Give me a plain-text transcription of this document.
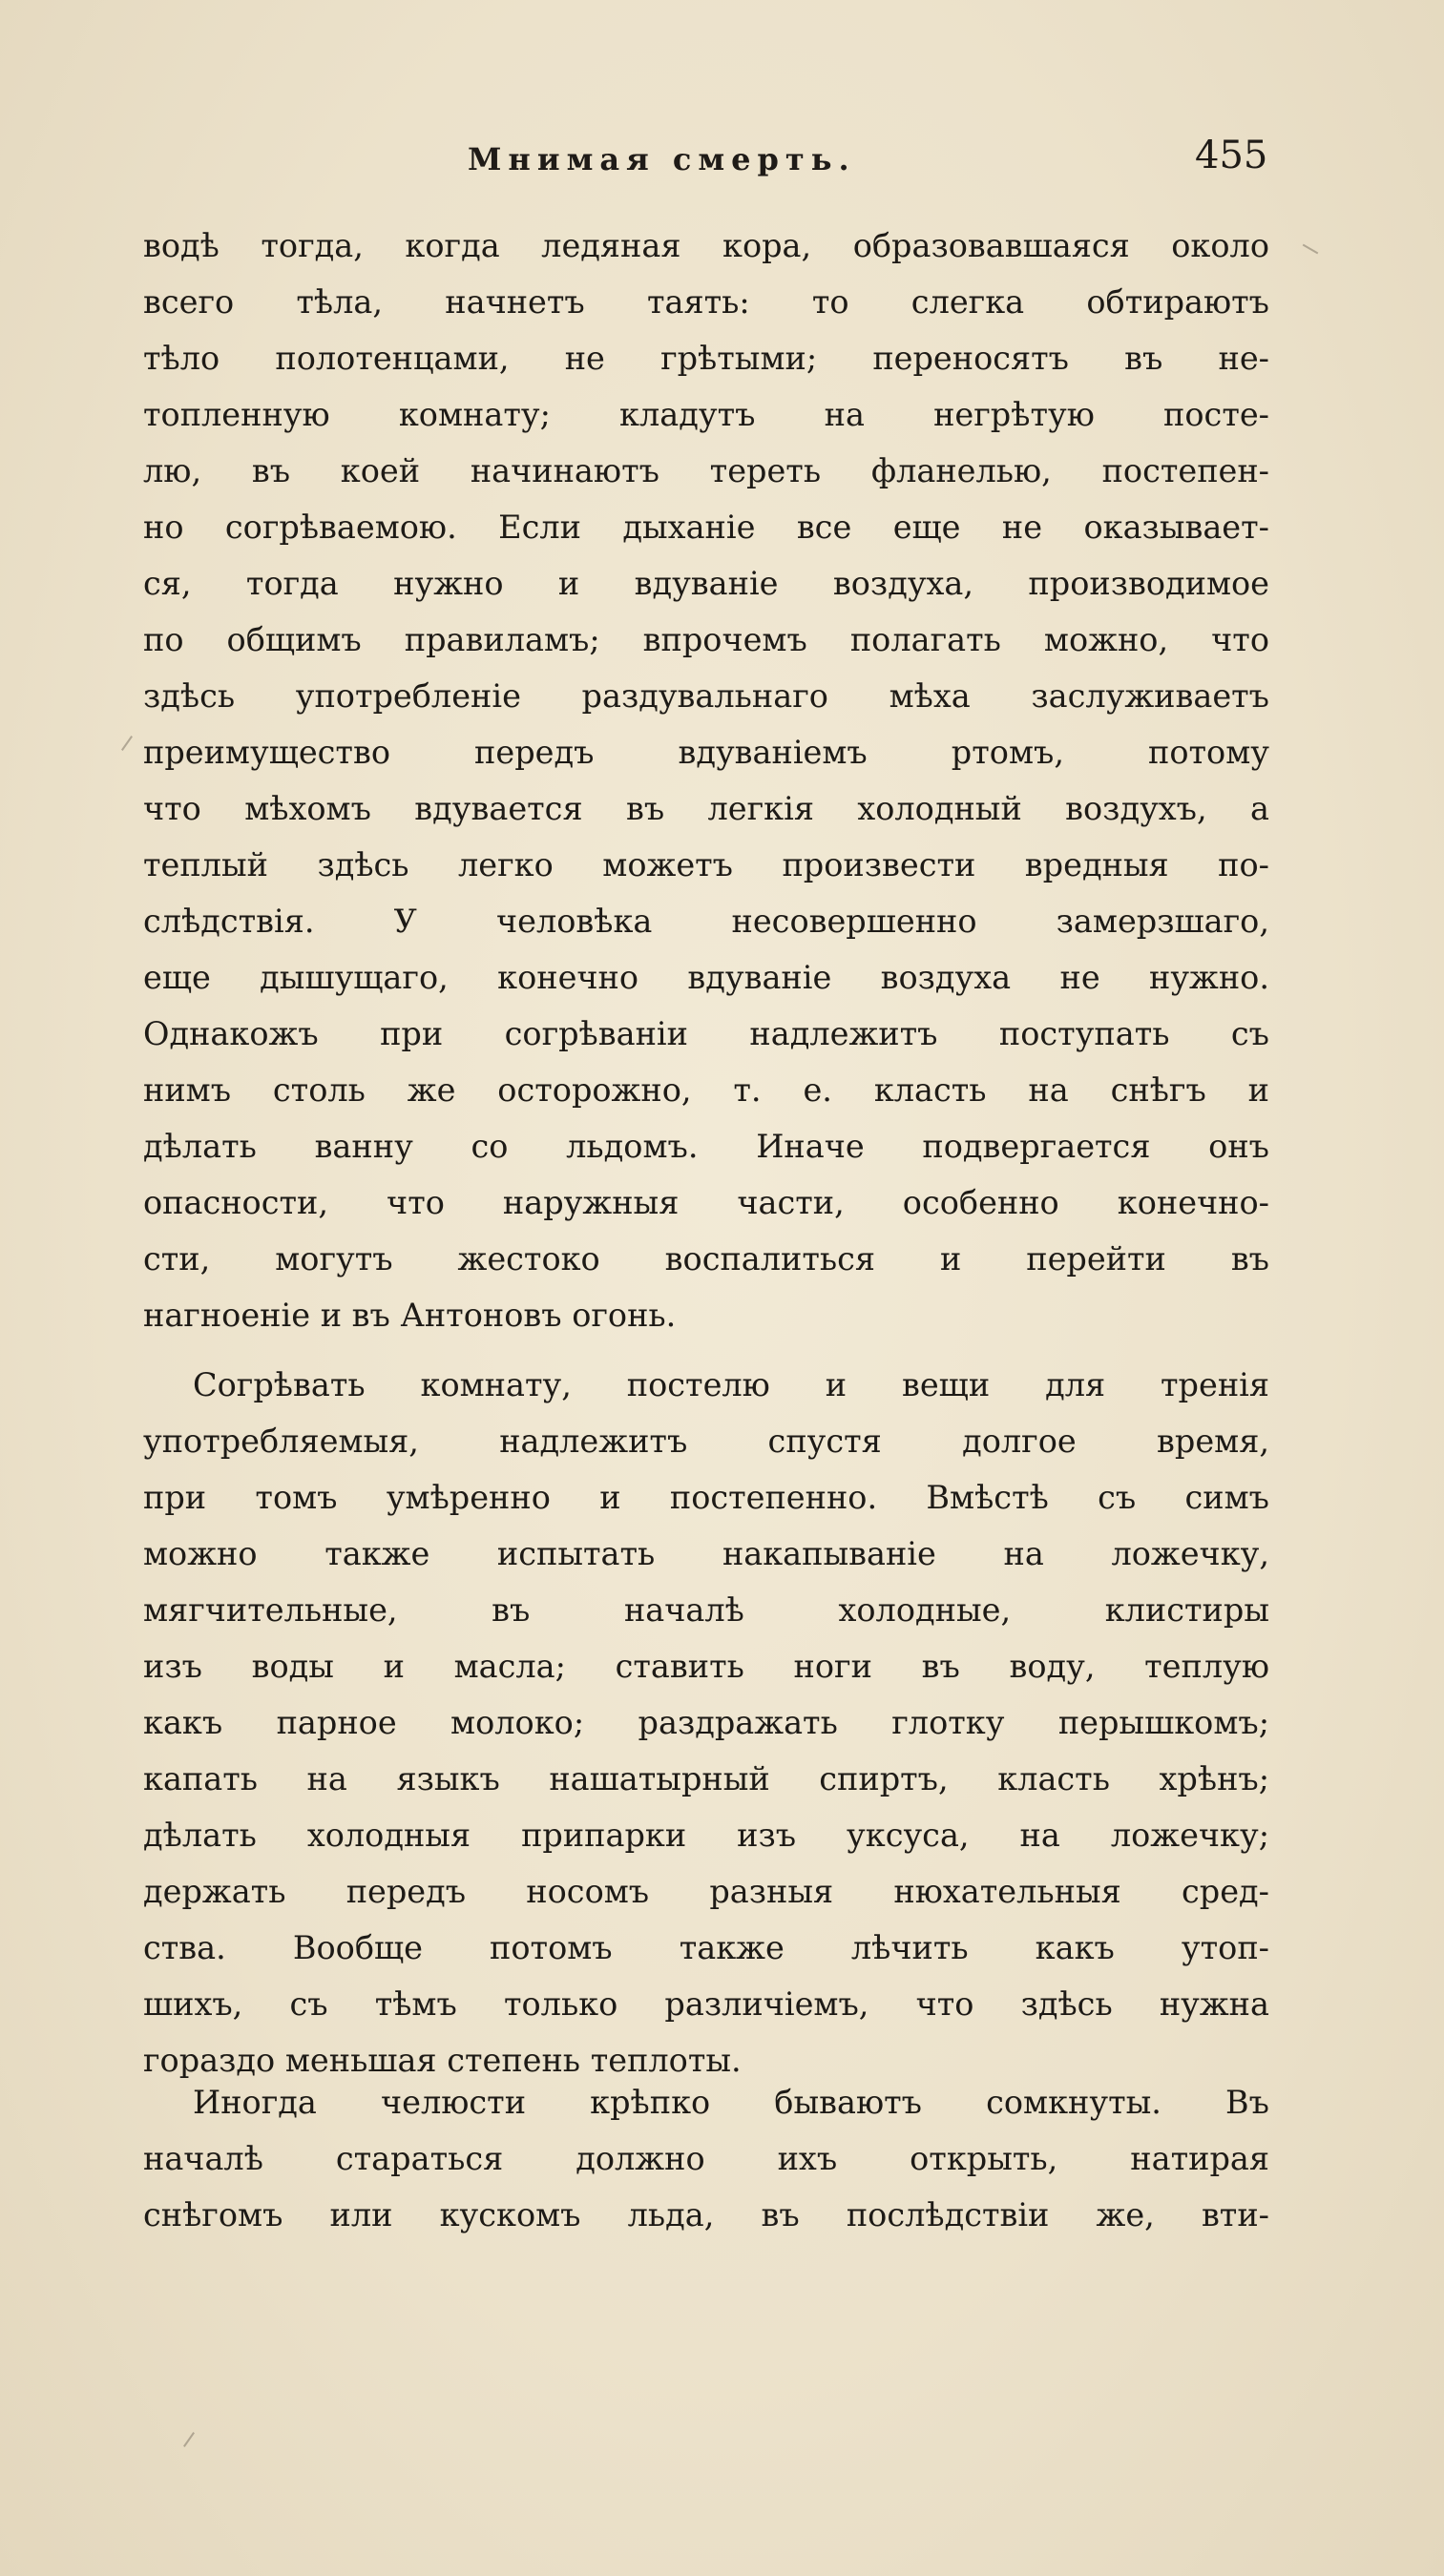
Мнимая смерть.	455
водѣ тогда, когда ледяная кора, образовавшаяся около
всего тѣла, начнетъ таять: то слегка обтираютъ
тѣло полотенцами, не грѣтыми; переносятъ въ не-
топленную комнату; кладутъ на негрѣтую посте-
лю, въ коей начинаютъ тереть фланелью, постепен-
но согрѣваемою. Если дыханіе все еще не оказывает-
ся, тогда нужно и вдуваніе воздуха, производимое
по общимъ правиламъ; впрочемъ полагать можно, что
здѣсь употребленіе раздувальнаго мѣха заслуживаетъ
преимущество передъ вдуваніемъ ртомъ, потому
что мѣхомъ вдувается въ легкія холодный воздухъ, а
теплый здѣсь легко можетъ произвести вредныя по-
слѣдствія. У человѣка несовершенно замерзшаго,
еще дышущаго, конечно вдуваніе воздуха не нужно.
Однакожъ при согрѣваніи надлежитъ поступать съ
нимъ столь же осторожно, т. е. класть на снѣгъ и
дѣлать ванну со льдомъ. Иначе подвергается онъ
опасности, что наружныя части, особенно конечно-
сти, могутъ жестоко воспалиться и перейти въ
нагноеніе и въ Антоновъ огонь.
Согрѣвать комнату, постелю и вещи для тренія
употребляемыя, надлежитъ спустя долгое время,
при томъ умѣренно и постепенно. Вмѣстѣ съ симъ
можно также испытать накапываніе на ложечку,
мягчительные, въ началѣ холодные, клистиры
изъ воды и масла; ставить ноги въ воду, теплую
какъ парное молоко; раздражать глотку перышкомъ;
капать на языкъ нашатырный спиртъ, класть хрѣнъ;
дѣлать холодныя припарки изъ уксуса, на ложечку;
держать передъ носомъ разныя нюхательныя сред-
ства. Вообще потомъ также лѣчить какъ утоп-
шихъ, съ тѣмъ только различіемъ, что здѣсь нужна
гораздо меньшая степень теплоты.
Иногда челюсти крѣпко бываютъ сомкнуты. Въ
началѣ стараться должно ихъ открыть, натирая
снѣгомъ или кускомъ льда, въ послѣдствіи же, вти-
